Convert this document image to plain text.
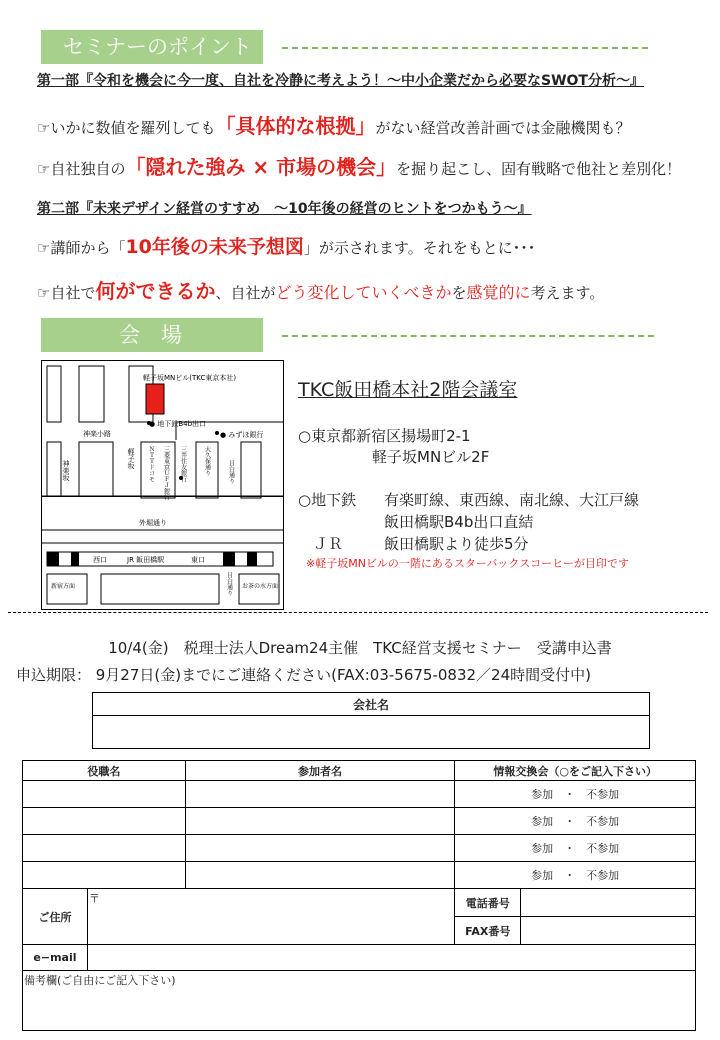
セミナーのポイント
第一部『令和を機会に今一度、自社を冷静に考えよう！～中小企業だから必要なSWOT分析～』
☞いかに数値を羅列しても「具体的な根拠」がない経営改善計画では金融機関も？
☞自社独自の「隠れた強み × 市場の機会」を掘り起こし、固有戦略で他社と差別化！
第二部『未来デザイン経営のすすめ　～10年後の経営のヒントをつかもう～』
☞講師から「10年後の未来予想図」が示されます。それをもとに･･･
☞自社で何ができるか、自社がどう変化していくべきかを感覚的に考えます。
会　場
軽子坂MNビル(TKC東京本社)
● 地下鉄B4b出口
● みずほ銀行
神楽小路
神楽坂
軽子坂 ＮＴＴドコモ 三菱東京ＵＦＪ銀行 三井住友銀行	大久保通り	目白通り
外堀通り
西口	JR 飯田橋駅	東口
新宿方面	目白通り お茶の水方面
TKC飯田橋本社2階会議室
○東京都新宿区揚場町2-1
軽子坂MNビル2F
○地下鉄 有楽町線、東西線、南北線、大江戸線
飯田橋駅B4b出口直結
ＪＲ	飯田橋駅より徒歩5分
※軽子坂MNビルの一階にあるスターバックスコーヒーが目印です
10/4(金)　税理士法人Dream24主催　TKC経営支援セミナー　受講申込書
申込期限： 9月27日(金)までにご連絡ください(FAX:03-5675-0832／24時間受付中)
会社名

役職名		参加者名	情報交換会（○をご記入下さい）	
			参加　・　不参加	
			参加　・　不参加	
			参加　・　不参加	
			参加　・　不参加	
ご住所	〒		電話番号	
			FAX番号	
e−mail				
備考欄(ご自由にご記入下さい)				
